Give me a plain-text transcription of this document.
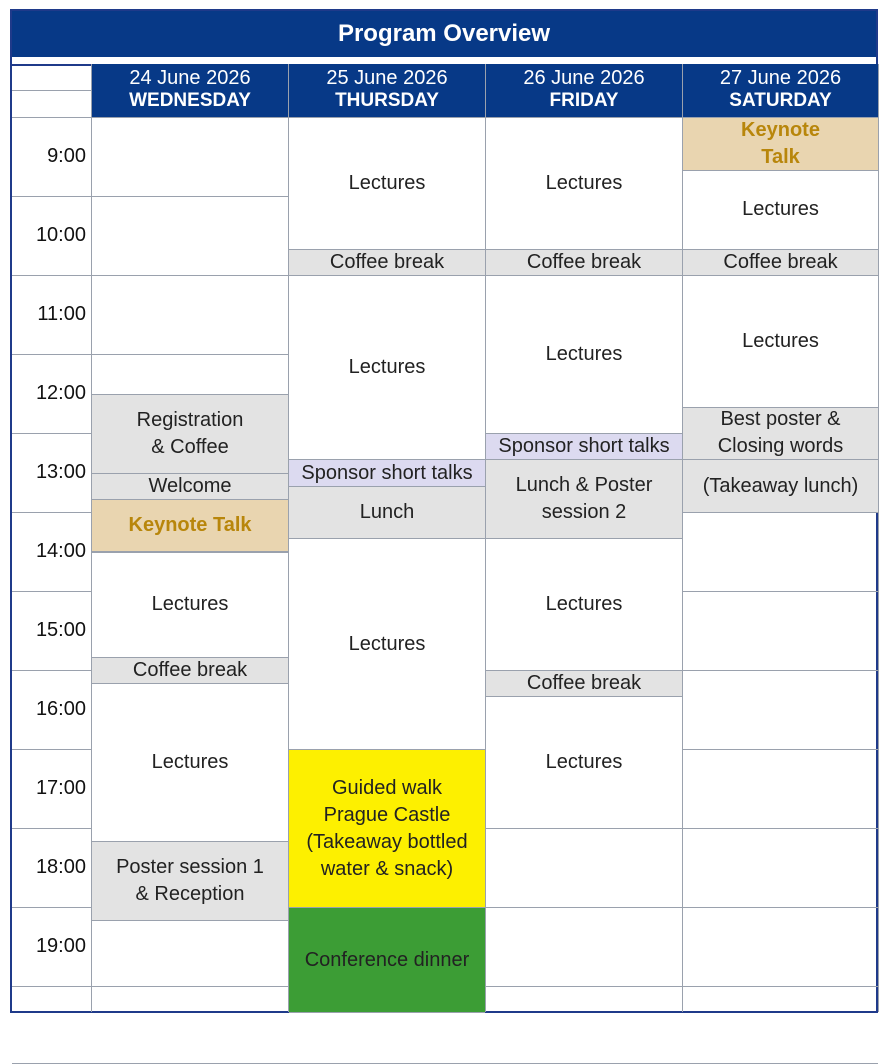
Program Overview
24 June 2026
WEDNESDAY
25 June 2026
THURSDAY
26 June 2026
FRIDAY
27 June 2026
SATURDAY
9:00
10:00
11:00
12:00
13:00
14:00
15:00
16:00
17:00
18:00
19:00
Registration
& Coffee
Welcome
Keynote Talk
Lectures
Coffee break
Lectures
Poster session 1
& Reception
Lectures
Coffee break
Lectures
Sponsor short talks
Lunch
Lectures
Guided walk
Prague Castle
(Takeaway bottled
water & snack)
Conference dinner
Lectures
Coffee break
Lectures
Sponsor short talks
Lunch & Poster
session 2
Lectures
Coffee break
Lectures
Keynote
Talk
Lectures
Coffee break
Lectures
Best poster &
Closing words
(Takeaway lunch)
